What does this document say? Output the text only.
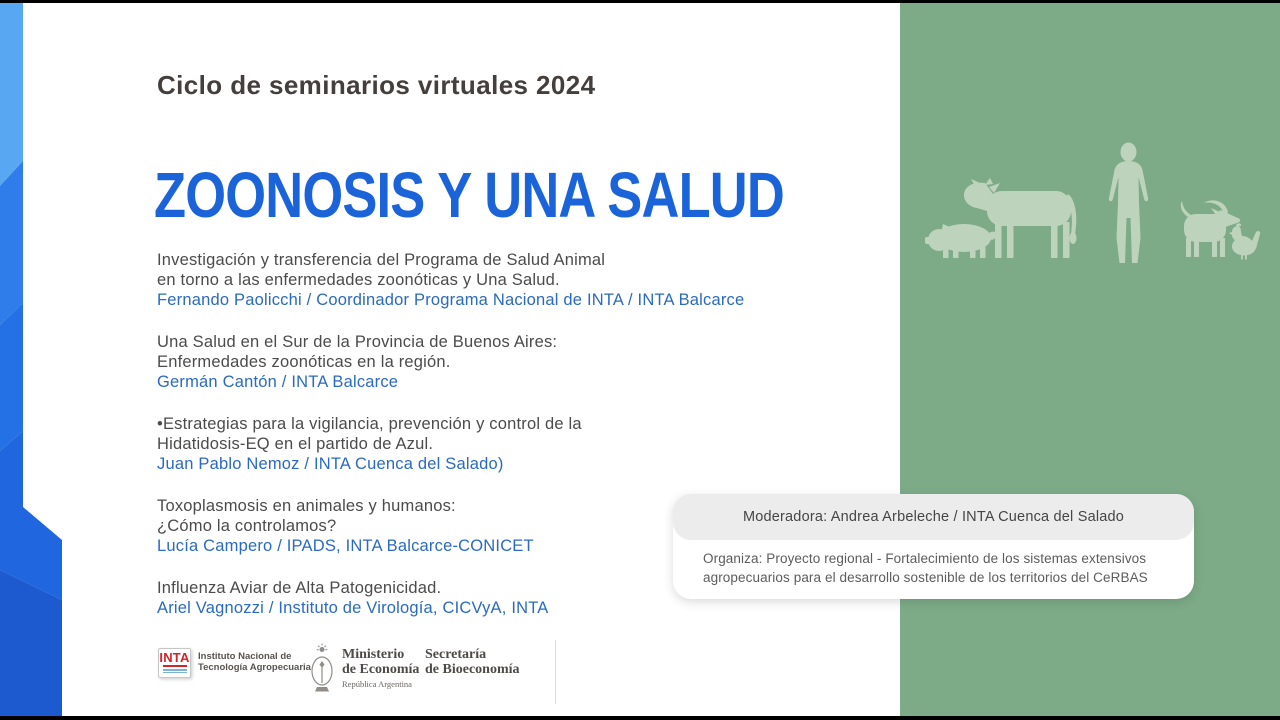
Ciclo de seminarios virtuales 2024
ZOONOSIS Y UNA SALUD
Investigación y transferencia del Programa de Salud Animal
en torno a las enfermedades zoonóticas y Una Salud.
Fernando Paolicchi / Coordinador Programa Nacional de INTA / INTA Balcarce
Una Salud en el Sur de la Provincia de Buenos Aires:
Enfermedades zoonóticas en la región.
Germán Cantón / INTA Balcarce
•Estrategias para la vigilancia, prevención y control de la
Hidatidosis-EQ en el partido de Azul.
Juan Pablo Nemoz / INTA Cuenca del Salado)
Toxoplasmosis en animales y humanos:
¿Cómo la controlamos?
Lucía Campero / IPADS, INTA Balcarce-CONICET
Influenza Aviar de Alta Patogenicidad.
Ariel Vagnozzi / Instituto de Virología, CICVyA, INTA
Moderadora: Andrea Arbeleche / INTA Cuenca del Salado
Organiza: Proyecto regional - Fortalecimiento de los sistemas extensivos
agropecuarios para el desarrollo sostenible de los territorios del CeRBAS
INTA Instituto Nacional de
Tecnología Agropecuaria
Ministerio
de Economía
República Argentina
Secretaría
de Bioeconomía
